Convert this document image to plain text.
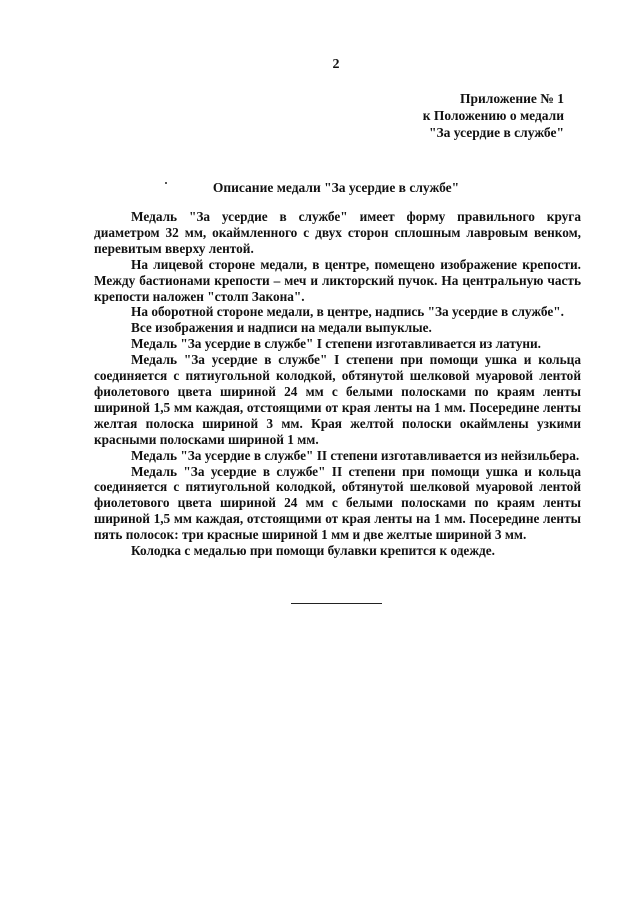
2
Приложение № 1
к Положению о медали
"За усердие в службе"
Описание медали "За усердие в службе"

Медаль "За усердие в службе" имеет форму правильного круга диаметром 32 мм, окаймленного с двух сторон сплошным лавровым венком, перевитым вверху лентой.

На лицевой стороне медали, в центре, помещено изображение крепости. Между бастионами крепости – меч и ликторский пучок. На центральную часть крепости наложен "столп Закона".

На оборотной стороне медали, в центре, надпись "За усердие в службе".

Все изображения и надписи на медали выпуклые.

Медаль "За усердие в службе" I степени изготавливается из латуни.

Медаль "За усердие в службе" I степени при помощи ушка и кольца соединяется с пятиугольной колодкой, обтянутой шелковой муаровой лентой фиолетового цвета шириной 24 мм с белыми полосками по краям ленты шириной 1,5 мм каждая, отстоящими от края ленты на 1 мм. Посередине ленты желтая полоска шириной 3 мм. Края желтой полоски окаймлены узкими красными полосками шириной 1 мм.

Медаль "За усердие в службе" II степени изготавливается из нейзильбера.

Медаль "За усердие в службе" II степени при помощи ушка и кольца соединяется с пятиугольной колодкой, обтянутой шелковой муаровой лентой фиолетового цвета шириной 24 мм с белыми полосками по краям ленты шириной 1,5 мм каждая, отстоящими от края ленты на 1 мм. Посередине ленты пять полосок: три красные шириной 1 мм и две желтые шириной 3 мм.

Колодка с медалью при помощи булавки крепится к одежде.
